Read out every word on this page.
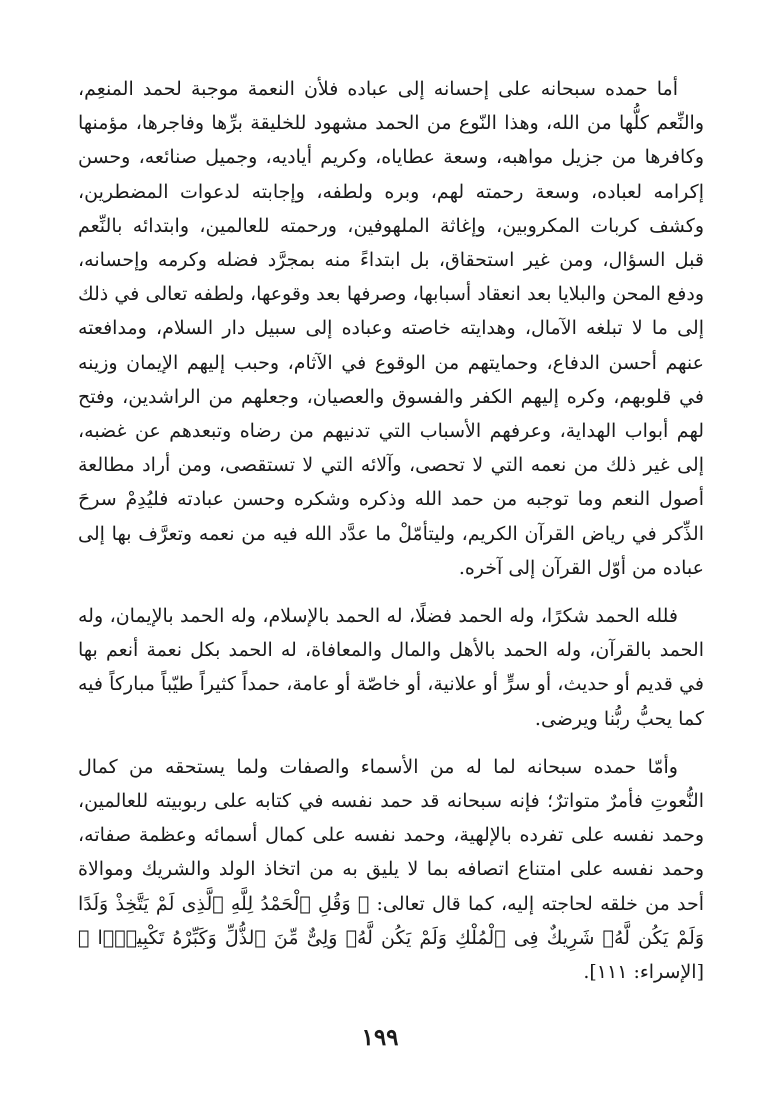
أما حمده سبحانه على إحسانه إلى عباده فلأن النعمة موجبة لحمد المنعِم، والنِّعم كلُّها من الله، وهذا النّوع من الحمد مشهود للخليقة برِّها وفاجرها، مؤمنها وكافرها من جزيل مواهبه، وسعة عطاياه، وكريم أياديه، وجميل صنائعه، وحسن إكرامه لعباده، وسعة رحمته لهم، وبره ولطفه، وإجابته لدعوات المضطرين، وكشف كربات المكروبين، وإغاثة الملهوفين، ورحمته للعالمين، وابتدائه بالنِّعم قبل السؤال، ومن غير استحقاق، بل ابتداءً منه بمجرَّد فضله وكرمه وإحسانه، ودفع المحن والبلايا بعد انعقاد أسبابها، وصرفها بعد وقوعها، ولطفه تعالى في ذلك إلى ما لا تبلغه الآمال، وهدايته خاصته وعباده إلى سبيل دار السلام، ومدافعته عنهم أحسن الدفاع، وحمايتهم من الوقوع في الآثام، وحبب إليهم الإيمان وزينه في قلوبهم، وكره إليهم الكفر والفسوق والعصيان، وجعلهم من الراشدين، وفتح لهم أبواب الهداية، وعرفهم الأسباب التي تدنيهم من رضاه وتبعدهم عن غضبه، إلى غير ذلك من نعمه التي لا تحصى، وآلائه التي لا تستقصى، ومن أراد مطالعة أصول النعم وما توجبه من حمد الله وذكره وشكره وحسن عبادته فليُدِمْ سرحَ الذِّكر في رياض القرآن الكريم، وليتأمّلْ ما عدَّد الله فيه من نعمه وتعرَّف بها إلى عباده من أوّل القرآن إلى آخره.

فلله الحمد شكرًا، وله الحمد فضلًا، له الحمد بالإسلام، وله الحمد بالإيمان، وله الحمد بالقرآن، وله الحمد بالأهل والمال والمعافاة، له الحمد بكل نعمة أنعم بها في قديم أو حديث، أو سرٍّ أو علانية، أو خاصّة أو عامة، حمداً كثيراً طيّباً مباركاً فيه كما يحبُّ ربُّنا ويرضى.

وأمّا حمده سبحانه لما له من الأسماء والصفات ولما يستحقه من كمال النُّعوتِ فأمرٌ متواترٌ؛ فإنه سبحانه قد حمد نفسه في كتابه على ربوبيته للعالمين، وحمد نفسه على تفرده بالإلهية، وحمد نفسه على كمال أسمائه وعظمة صفاته، وحمد نفسه على امتناع اتصافه بما لا يليق به من اتخاذ الولد والشريك وموالاة أحد من خلقه لحاجته إليه، كما قال تعالى: ﴿ وَقُلِ ٱلْحَمْدُ لِلَّهِ ٱلَّذِى لَمْ يَتَّخِذْ وَلَدًا وَلَمْ يَكُن لَّهُۥ شَرِيكٌ فِى ٱلْمُلْكِ وَلَمْ يَكُن لَّهُۥ وَلِىٌّ مِّنَ ٱلذُّلِّ وَكَبِّرْهُ تَكْبِيرًۢا ﴾ [الإسراء: ١١١].

١٩٩
